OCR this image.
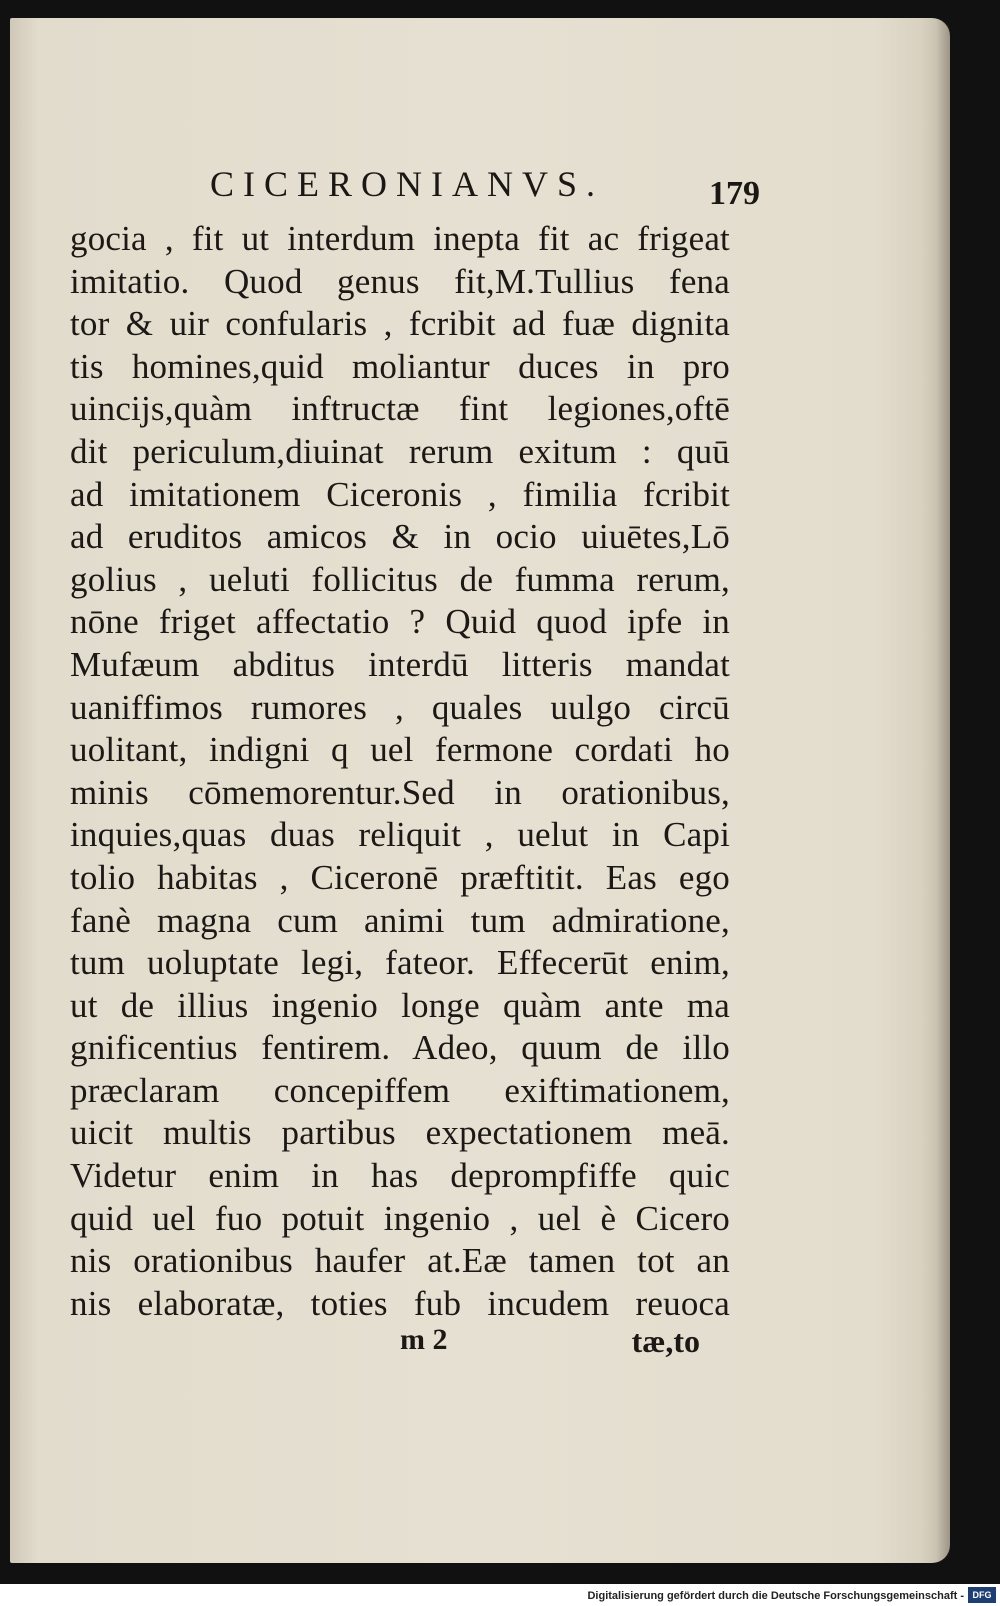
CICERONIANVS.	179
gocia , fit ut interdum inepta fit ac frigeat
imitatio. Quod genus fit,M.Tullius fena
tor & uir confularis , fcribit ad fuæ dignita
tis homines,quid moliantur duces in pro
uincijs,quàm inftructæ fint legiones,oftē
dit periculum,diuinat rerum exitum : quū
ad imitationem Ciceronis , fimilia fcribit
ad eruditos amicos & in ocio uiuētes,Lō
golius , ueluti follicitus de fumma rerum,
nōne friget affectatio ? Quid quod ipfe in
Mufæum abditus interdū litteris mandat
uaniffimos rumores , quales uulgo circū
uolitant, indigni q uel fermone cordati ho
minis cōmemorentur.Sed in orationibus,
inquies,quas duas reliquit , uelut in Capi
tolio habitas , Ciceronē præftitit. Eas ego
fanè magna cum animi tum admiratione,
tum uoluptate legi, fateor. Effecerūt enim,
ut de illius ingenio longe quàm ante ma
gnificentius fentirem. Adeo, quum de illo
præclaram concepiffem exiftimationem,
uicit multis partibus expectationem meā.
Videtur enim in has deprompfiffe quic
quid uel fuo potuit ingenio , uel è Cicero
nis orationibus haufer at.Eæ tamen tot an
nis elaboratæ, toties fub incudem reuoca
m 2	tæ,to
Digitalisierung gefördert durch die Deutsche Forschungsgemeinschaft - DFG
